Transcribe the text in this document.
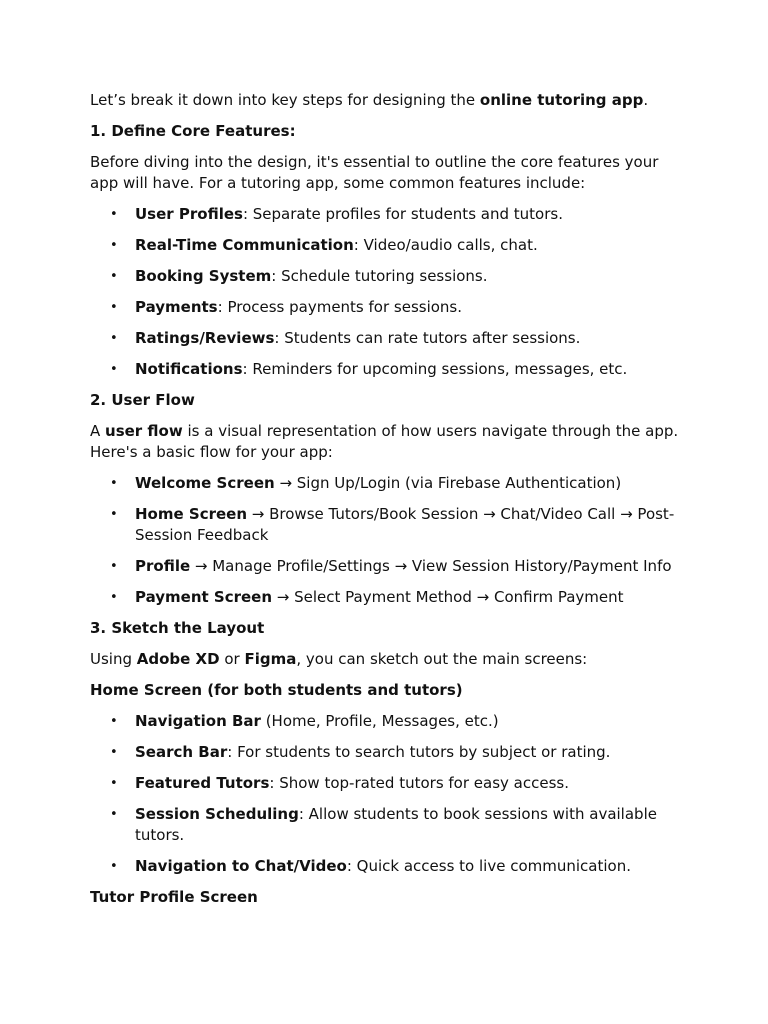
Let’s break it down into key steps for designing the online tutoring app.

1. Define Core Features:

Before diving into the design, it's essential to outline the core features your app will have. For a tutoring app, some common features include:

• User Profiles: Separate profiles for students and tutors.
• Real-Time Communication: Video/audio calls, chat.
• Booking System: Schedule tutoring sessions.
• Payments: Process payments for sessions.
• Ratings/Reviews: Students can rate tutors after sessions.
• Notifications: Reminders for upcoming sessions, messages, etc.

2. User Flow

A user flow is a visual representation of how users navigate through the app. Here's a basic flow for your app:

• Welcome Screen → Sign Up/Login (via Firebase Authentication)
• Home Screen → Browse Tutors/Book Session → Chat/Video Call → Post-Session Feedback
• Profile → Manage Profile/Settings → View Session History/Payment Info
• Payment Screen → Select Payment Method → Confirm Payment

3. Sketch the Layout

Using Adobe XD or Figma, you can sketch out the main screens:

Home Screen (for both students and tutors)

• Navigation Bar (Home, Profile, Messages, etc.)
• Search Bar: For students to search tutors by subject or rating.
• Featured Tutors: Show top-rated tutors for easy access.
• Session Scheduling: Allow students to book sessions with available tutors.
• Navigation to Chat/Video: Quick access to live communication.

Tutor Profile Screen
